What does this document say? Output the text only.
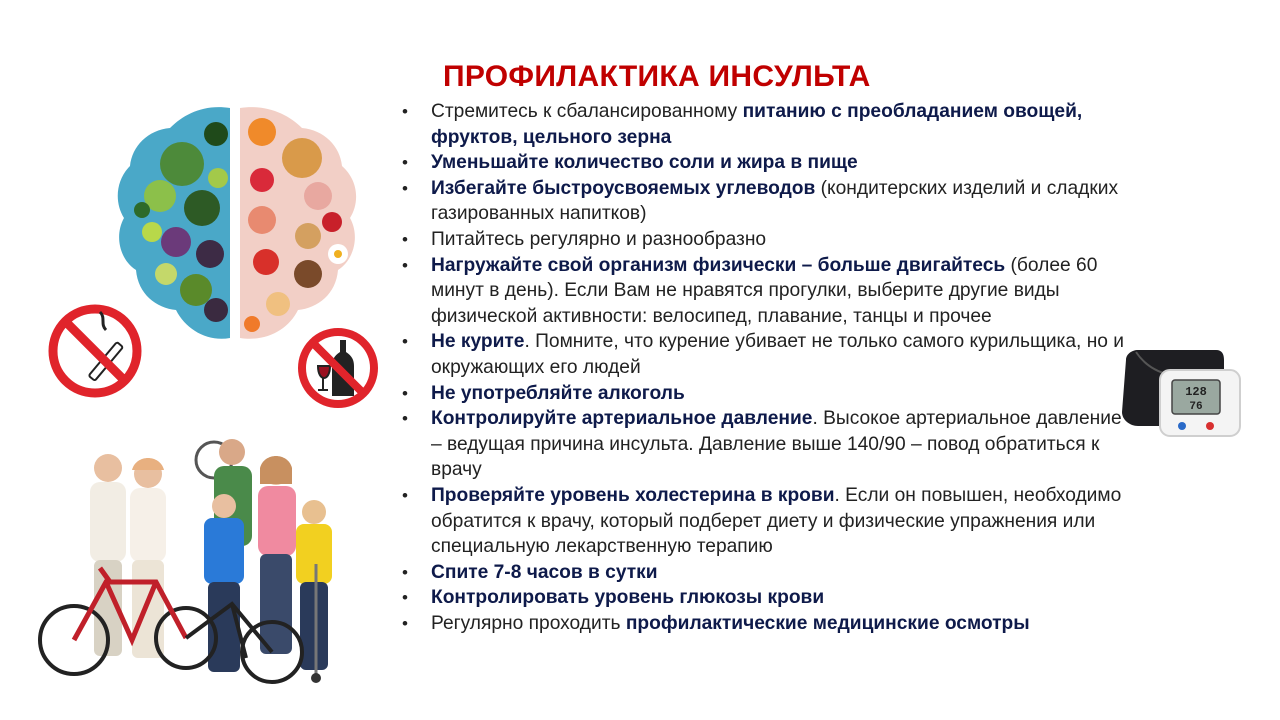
ПРОФИЛАКТИКА ИНСУЛЬТА
• Стремитесь к сбалансированному питанию с преобладанием овощей, фруктов, цельного зерна
• Уменьшайте количество соли и жира в пище
• Избегайте быстроусвояемых углеводов (кондитерских изделий и сладких газированных напитков)
• Питайтесь регулярно и разнообразно
• Нагружайте свой организм физически – больше двигайтесь (более 60 минут в день). Если Вам не нравятся прогулки, выберите другие виды физической активности: велосипед, плавание, танцы и прочее
• Не курите. Помните, что курение убивает не только самого курильщика, но и окружающих его людей
• Не употребляйте алкоголь
• Контролируйте артериальное давление. Высокое артериальное давление – ведущая причина инсульта. Давление выше 140/90 – повод обратиться к врачу
• Проверяйте уровень холестерина в крови. Если он повышен, необходимо обратится к врачу, который подберет диету и физические упражнения или специальную лекарственную терапию
• Спите 7-8 часов в сутки
• Контролировать уровень глюкозы крови
• Регулярно проходить профилактические медицинские осмотры
128
76
